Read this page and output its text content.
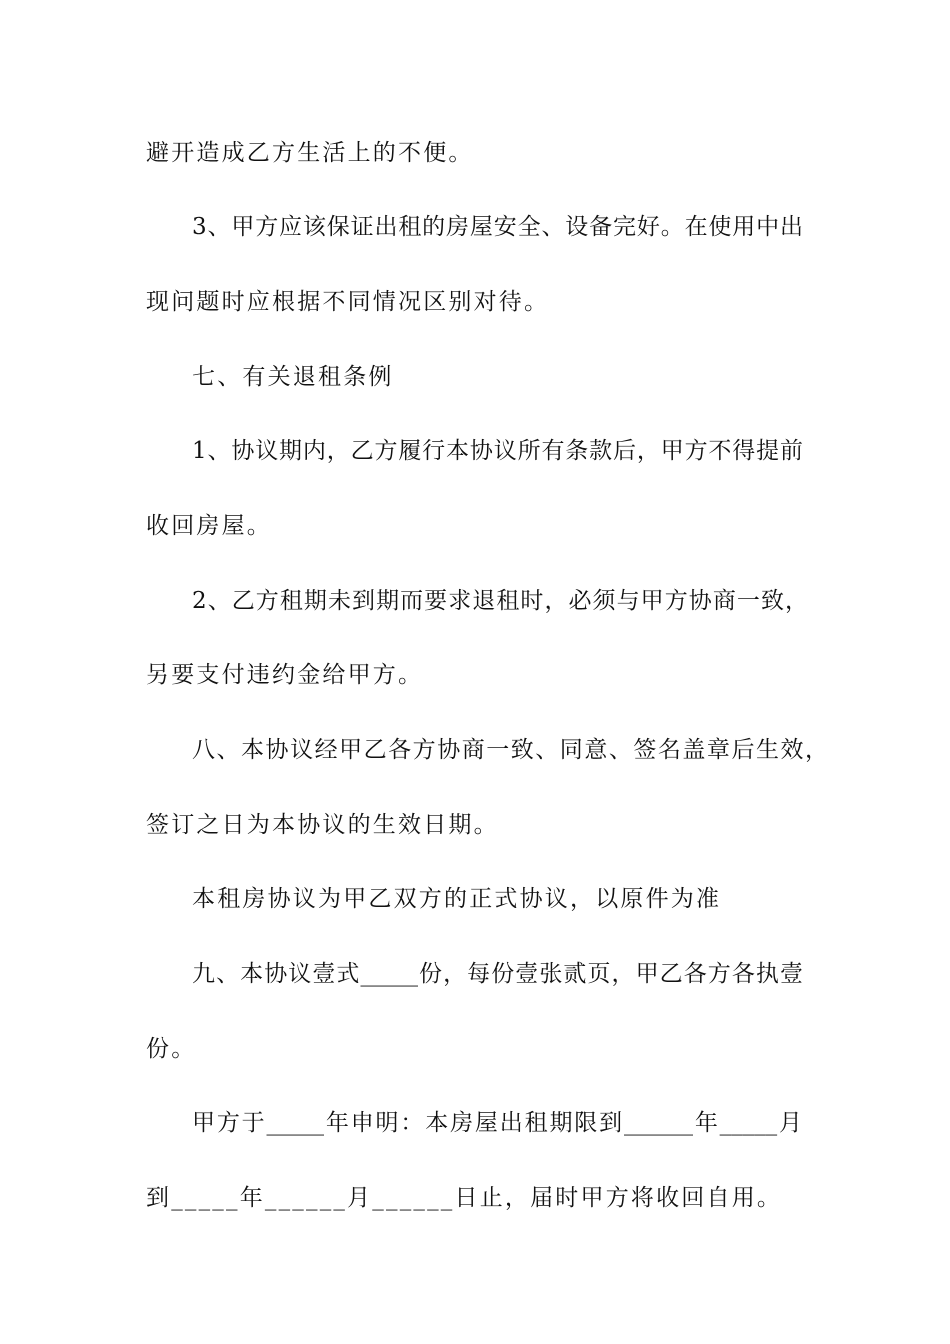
避开造成乙方生活上的不便。
3、甲方应该保证出租的房屋安全、设备完好。在使用中出
现问题时应根据不同情况区别对待。
七、有关退租条例
1、协议期内，乙方履行本协议所有条款后，甲方不得提前
收回房屋。
2、乙方租期未到期而要求退租时，必须与甲方协商一致，
另要支付违约金给甲方。
八、本协议经甲乙各方协商一致、同意、签名盖章后生效，
签订之日为本协议的生效日期。
本租房协议为甲乙双方的正式协议，以原件为准
九、本协议壹式_____份，每份壹张贰页，甲乙各方各执壹
份。
甲方于_____年申明：本房屋出租期限到______年_____月
到_____年______月______日止，届时甲方将收回自用。
